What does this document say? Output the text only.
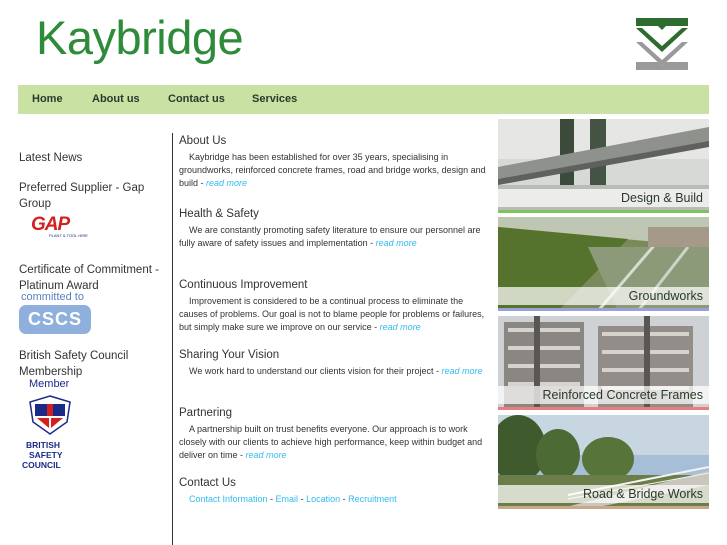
Kaybridge
Home	About us	Contact us Services
Latest News
Preferred Supplier - Gap Group
GAP
PLANT & TOOL HIRE
Certificate of Commitment - Platinum Award
committed to
CSCS
British Safety Council Membership
Member
BRITISH
SAFETY
COUNCIL
About Us
Kaybridge has been established for over 35 years, specialising in groundworks, reinforced concrete frames, road and bridge works, design and build - read more
Health & Safety
We are constantly promoting safety literature to ensure our personnel are fully aware of safety issues and implementation - read more
Continuous Improvement
Improvement is considered to be a continual process to eliminate the causes of problems. Our goal is not to blame people for problems or failures, but simply make sure we improve on our service - read more
Sharing Your Vision
We work hard to understand our clients vision for their project - read more
Partnering
A partnership built on trust benefits everyone. Our approach is to work closely with our clients to achieve high performance, keep within budget and deliver on time - read more
Contact Us
Contact Information - Email - Location - Recruitment
Design & Build
Groundworks
Reinforced Concrete Frames
Road & Bridge Works
